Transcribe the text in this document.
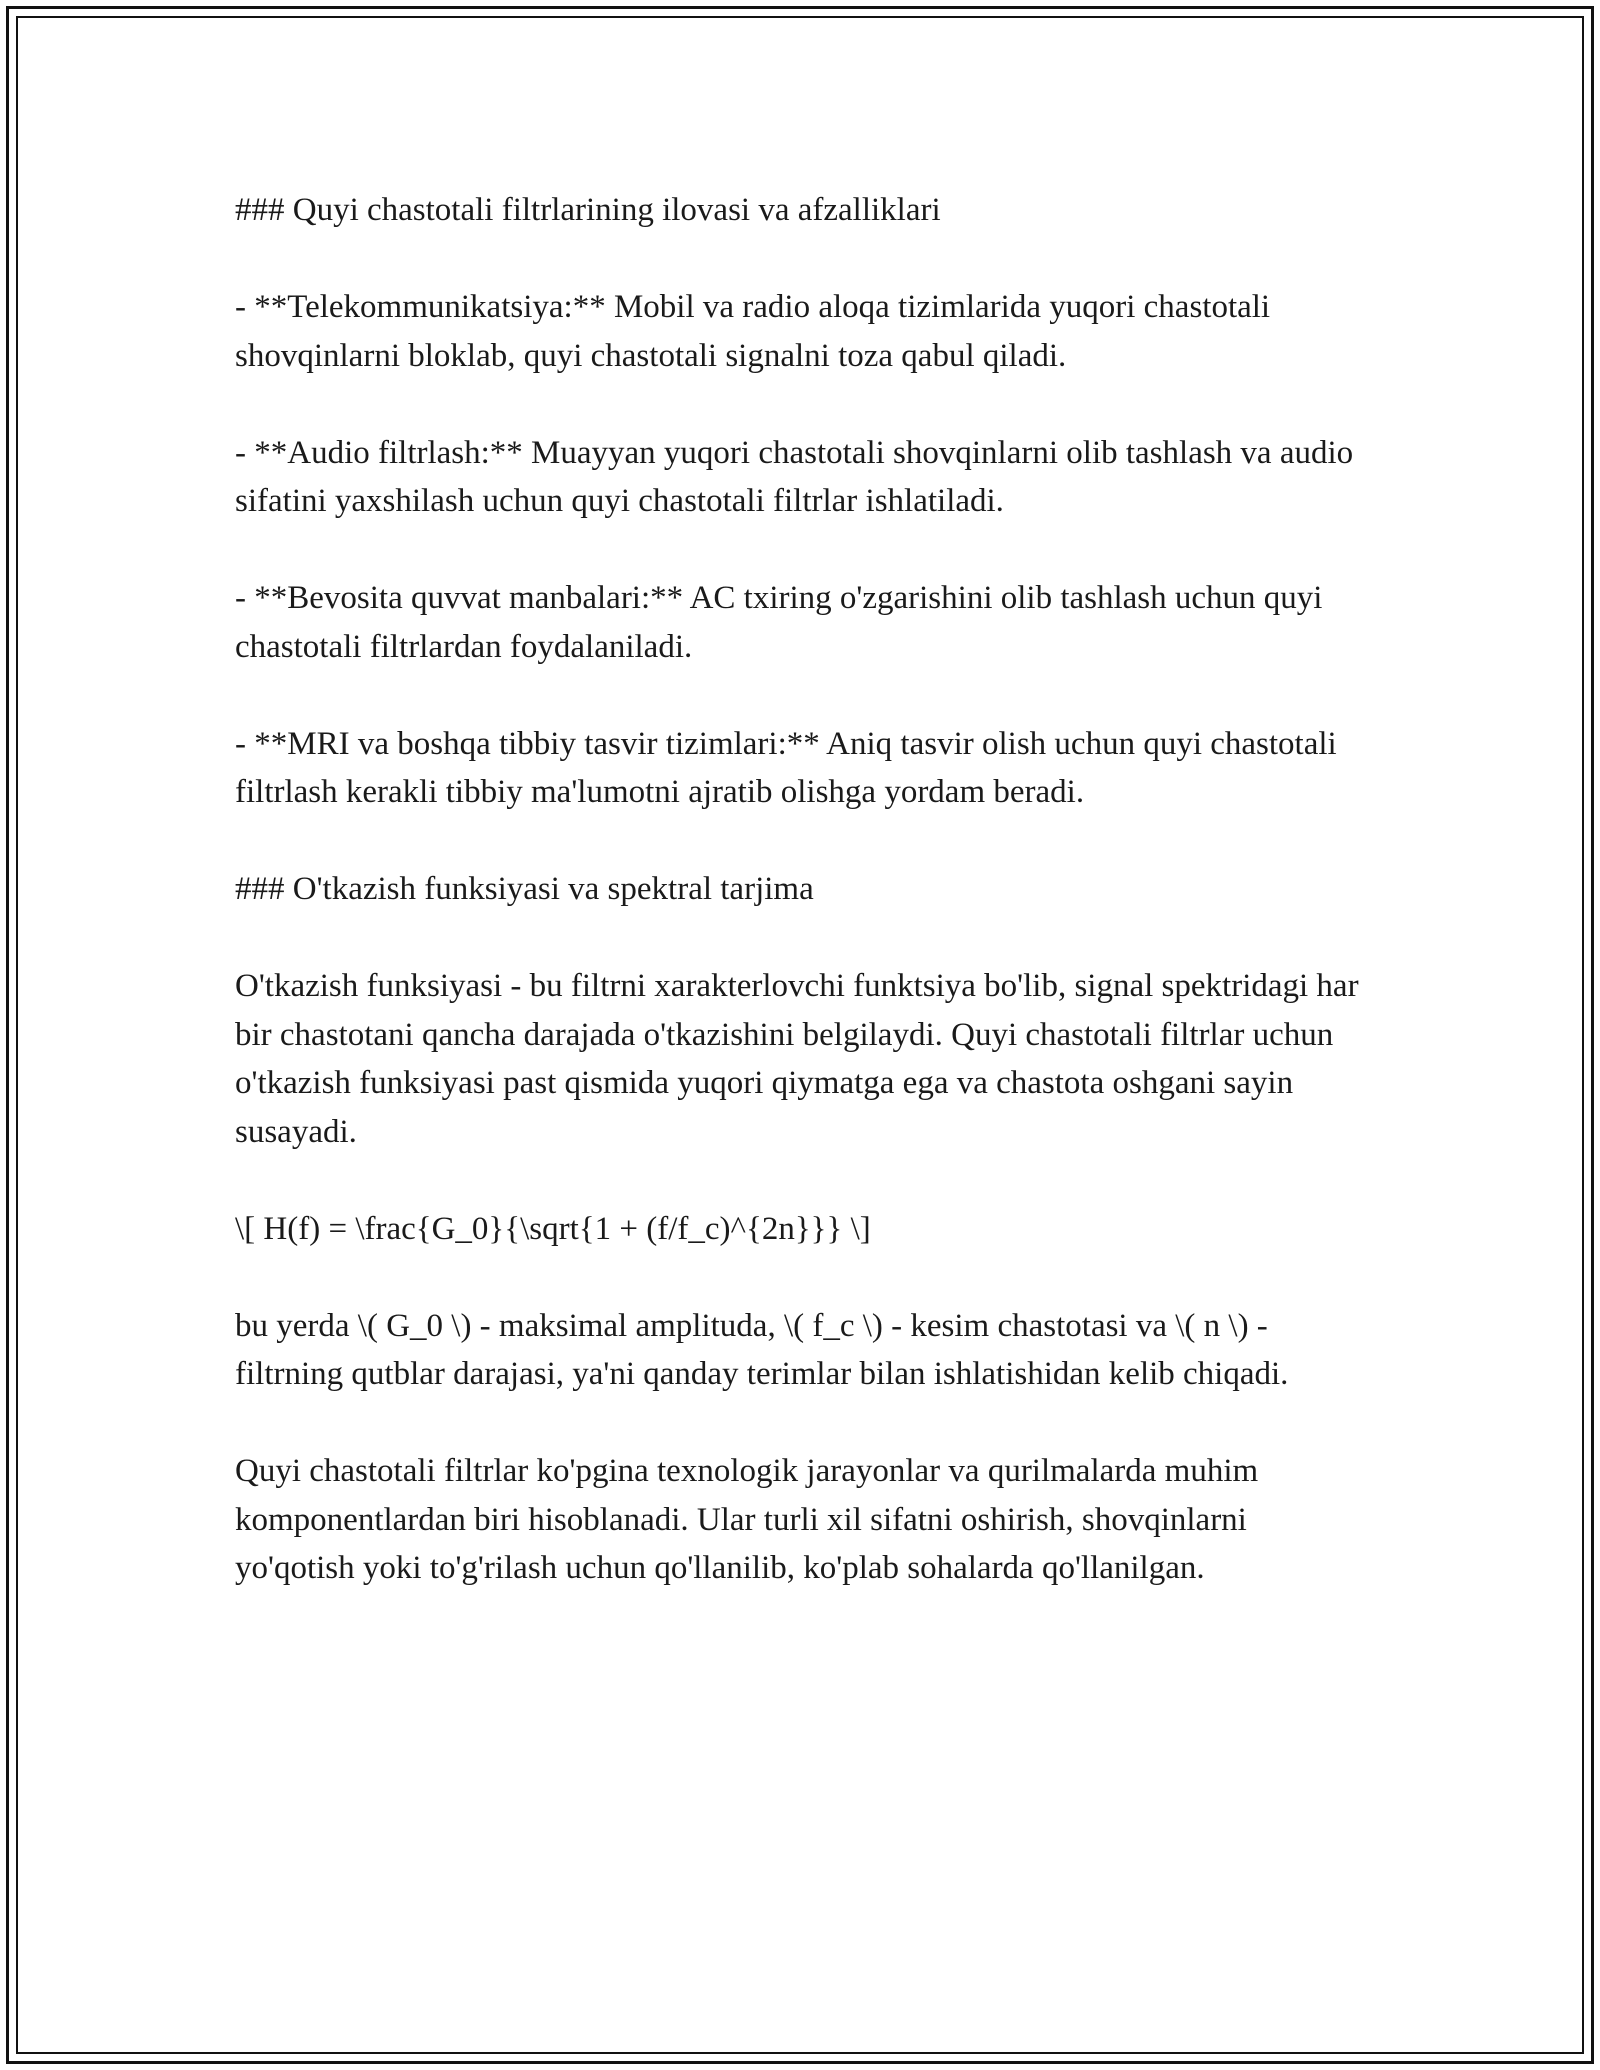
### Quyi chastotali filtrlarining ilovasi va afzalliklari
- **Telekommunikatsiya:** Mobil va radio aloqa tizimlarida yuqori chastotali shovqinlarni bloklab, quyi chastotali signalni toza qabul qiladi.
- **Audio filtrlash:** Muayyan yuqori chastotali shovqinlarni olib tashlash va audio sifatini yaxshilash uchun quyi chastotali filtrlar ishlatiladi.
- **Bevosita quvvat manbalari:** AC txiring o'zgarishini olib tashlash uchun quyi chastotali filtrlardan foydalaniladi.
- **MRI va boshqa tibbiy tasvir tizimlari:** Aniq tasvir olish uchun quyi chastotali filtrlash kerakli tibbiy ma'lumotni ajratib olishga yordam beradi.
### O'tkazish funksiyasi va spektral tarjima
O'tkazish funksiyasi - bu filtrni xarakterlovchi funktsiya bo'lib, signal spektridagi har bir chastotani qancha darajada o'tkazishini belgilaydi. Quyi chastotali filtrlar uchun o'tkazish funksiyasi past qismida yuqori qiymatga ega va chastota oshgani sayin susayadi.
\[ H(f) = \frac{G_0}{\sqrt{1 + (f/f_c)^{2n}}} \]
bu yerda \( G_0 \) - maksimal amplituda, \( f_c \) - kesim chastotasi va \( n \) - filtrning qutblar darajasi, ya'ni qanday terimlar bilan ishlatishidan kelib chiqadi.
Quyi chastotali filtrlar ko'pgina texnologik jarayonlar va qurilmalarda muhim komponentlardan biri hisoblanadi. Ular turli xil sifatni oshirish, shovqinlarni yo'qotish yoki to'g'rilash uchun qo'llanilib, ko'plab sohalarda qo'llanilgan.
